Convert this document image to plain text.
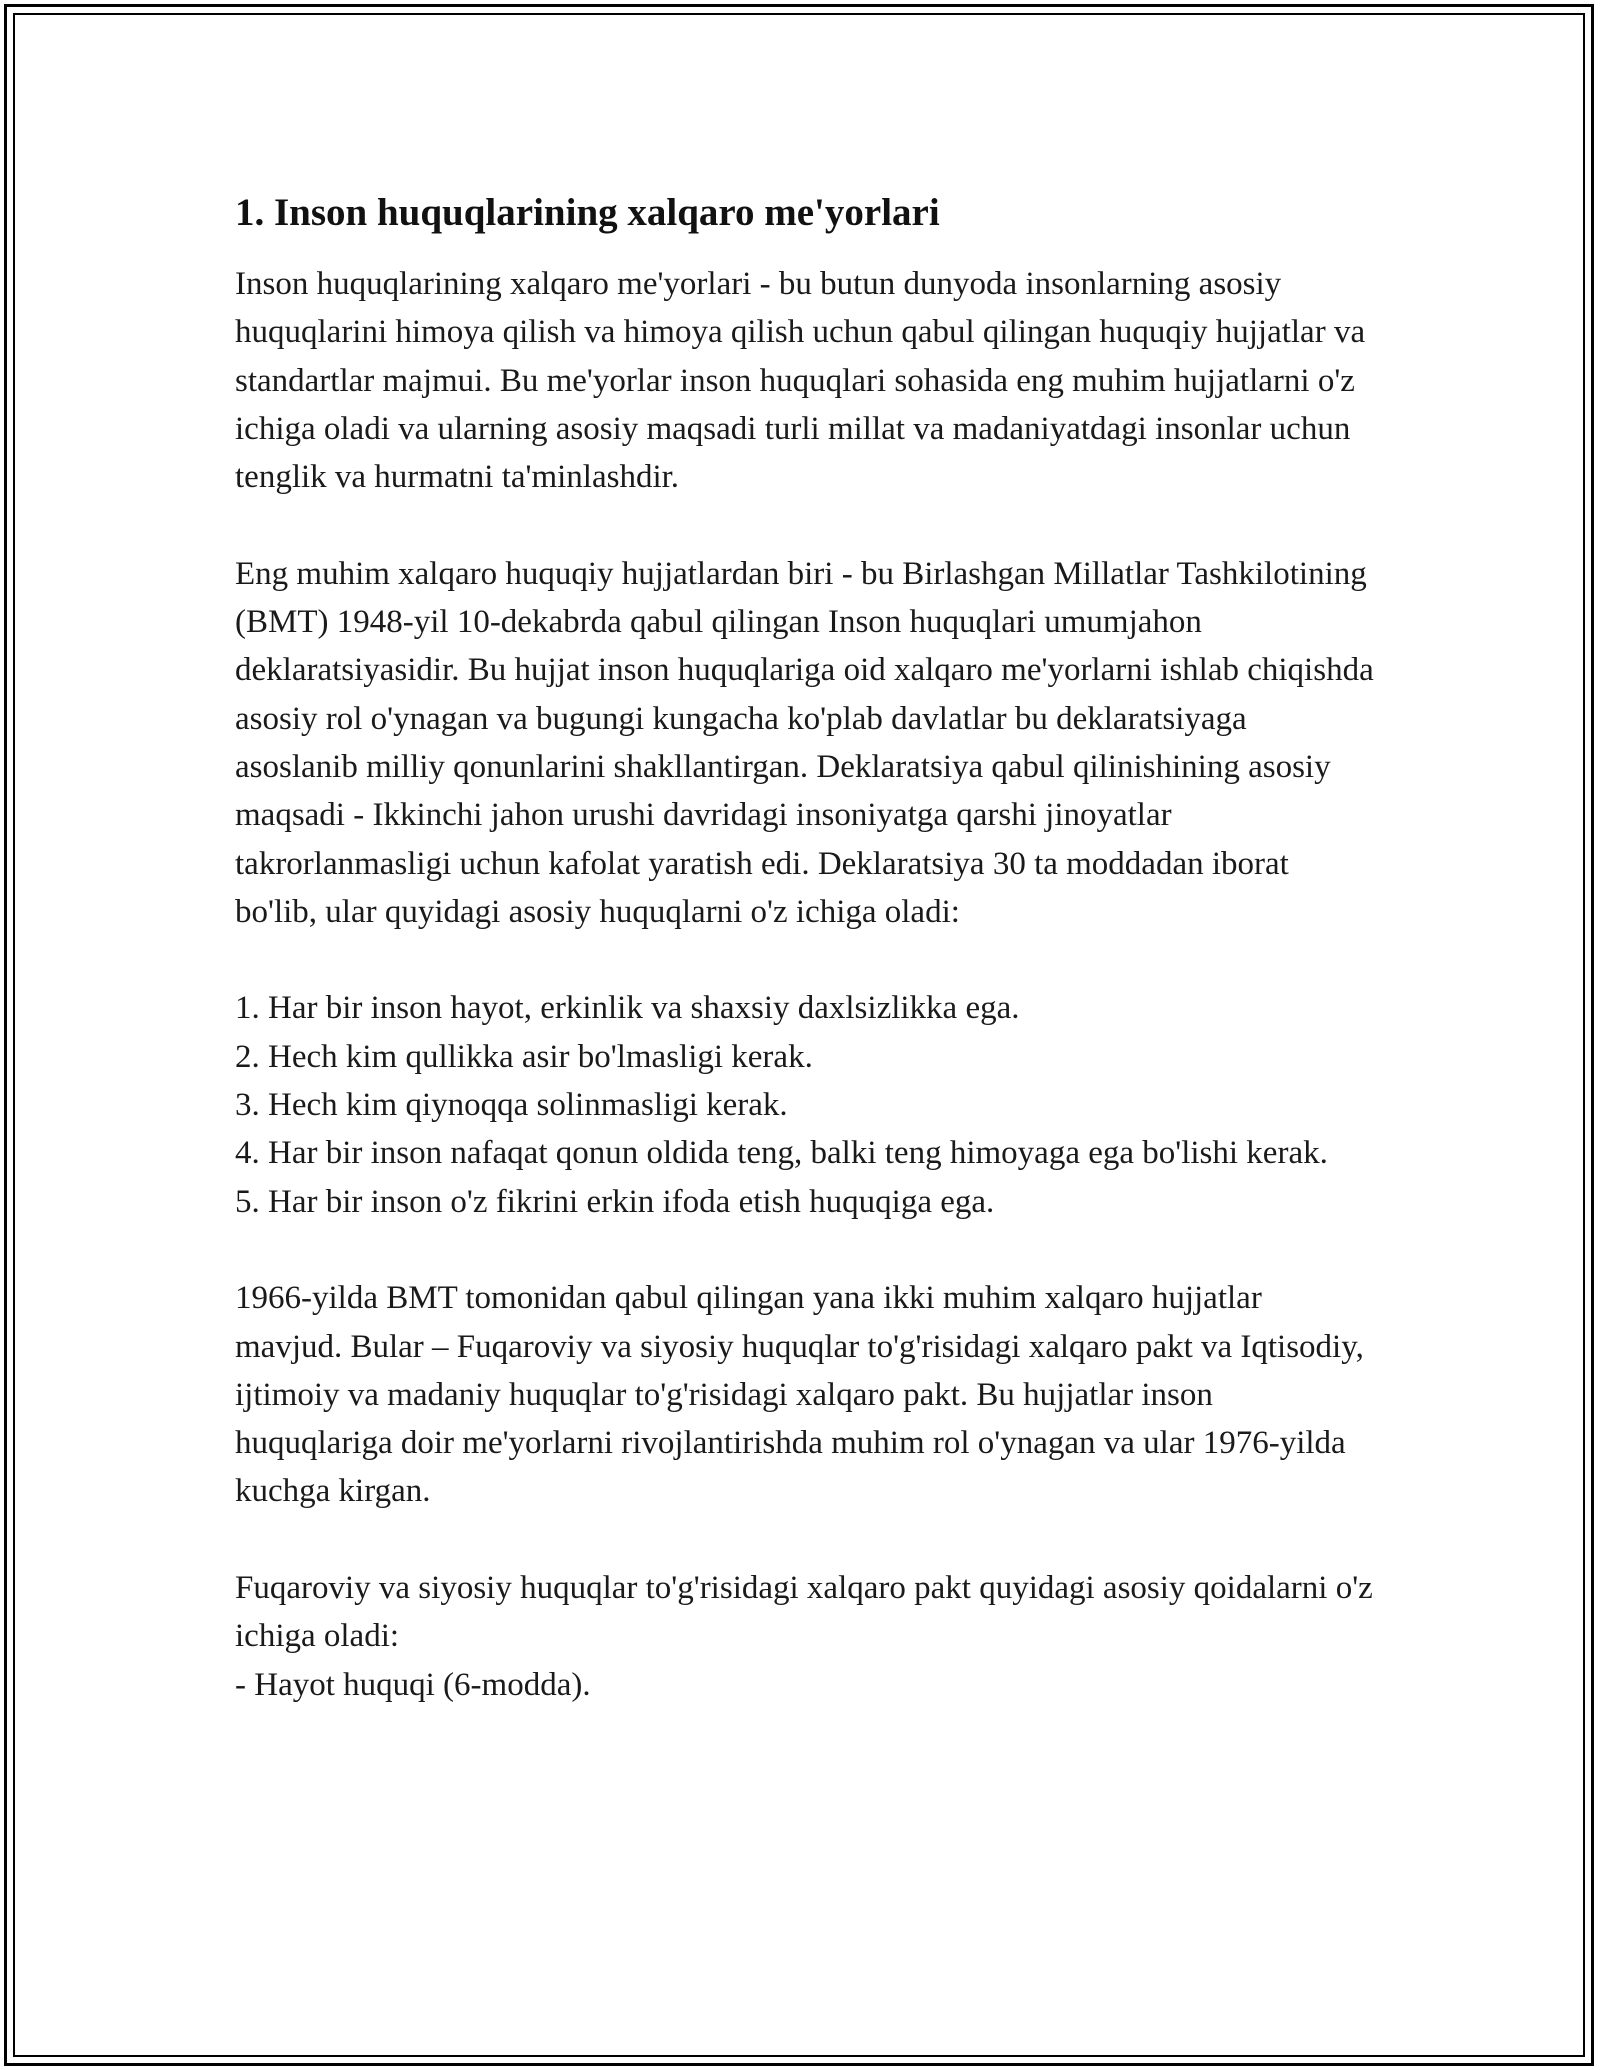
1. Inson huquqlarining xalqaro me'yorlari

Inson huquqlarining xalqaro me'yorlari - bu butun dunyoda insonlarning asosiy huquqlarini himoya qilish va himoya qilish uchun qabul qilingan huquqiy hujjatlar va standartlar majmui. Bu me'yorlar inson huquqlari sohasida eng muhim hujjatlarni o'z ichiga oladi va ularning asosiy maqsadi turli millat va madaniyatdagi insonlar uchun tenglik va hurmatni ta'minlashdir.

Eng muhim xalqaro huquqiy hujjatlardan biri - bu Birlashgan Millatlar Tashkilotining (BMT) 1948-yil 10-dekabrda qabul qilingan Inson huquqlari umumjahon deklaratsiyasidir. Bu hujjat inson huquqlariga oid xalqaro me'yorlarni ishlab chiqishda asosiy rol o'ynagan va bugungi kungacha ko'plab davlatlar bu deklaratsiyaga asoslanib milliy qonunlarini shakllantirgan. Deklaratsiya qabul qilinishining asosiy maqsadi - Ikkinchi jahon urushi davridagi insoniyatga qarshi jinoyatlar takrorlanmasligi uchun kafolat yaratish edi. Deklaratsiya 30 ta moddadan iborat bo'lib, ular quyidagi asosiy huquqlarni o'z ichiga oladi:

1. Har bir inson hayot, erkinlik va shaxsiy daxlsizlikka ega.
2. Hech kim qullikka asir bo'lmasligi kerak.
3. Hech kim qiynoqqa solinmasligi kerak.
4. Har bir inson nafaqat qonun oldida teng, balki teng himoyaga ega bo'lishi kerak.
5. Har bir inson o'z fikrini erkin ifoda etish huquqiga ega.

1966-yilda BMT tomonidan qabul qilingan yana ikki muhim xalqaro hujjatlar mavjud. Bular – Fuqaroviy va siyosiy huquqlar to'g'risidagi xalqaro pakt va Iqtisodiy, ijtimoiy va madaniy huquqlar to'g'risidagi xalqaro pakt. Bu hujjatlar inson huquqlariga doir me'yorlarni rivojlantirishda muhim rol o'ynagan va ular 1976-yilda kuchga kirgan.

Fuqaroviy va siyosiy huquqlar to'g'risidagi xalqaro pakt quyidagi asosiy qoidalarni o'z ichiga oladi:

- Hayot huquqi (6-modda).
